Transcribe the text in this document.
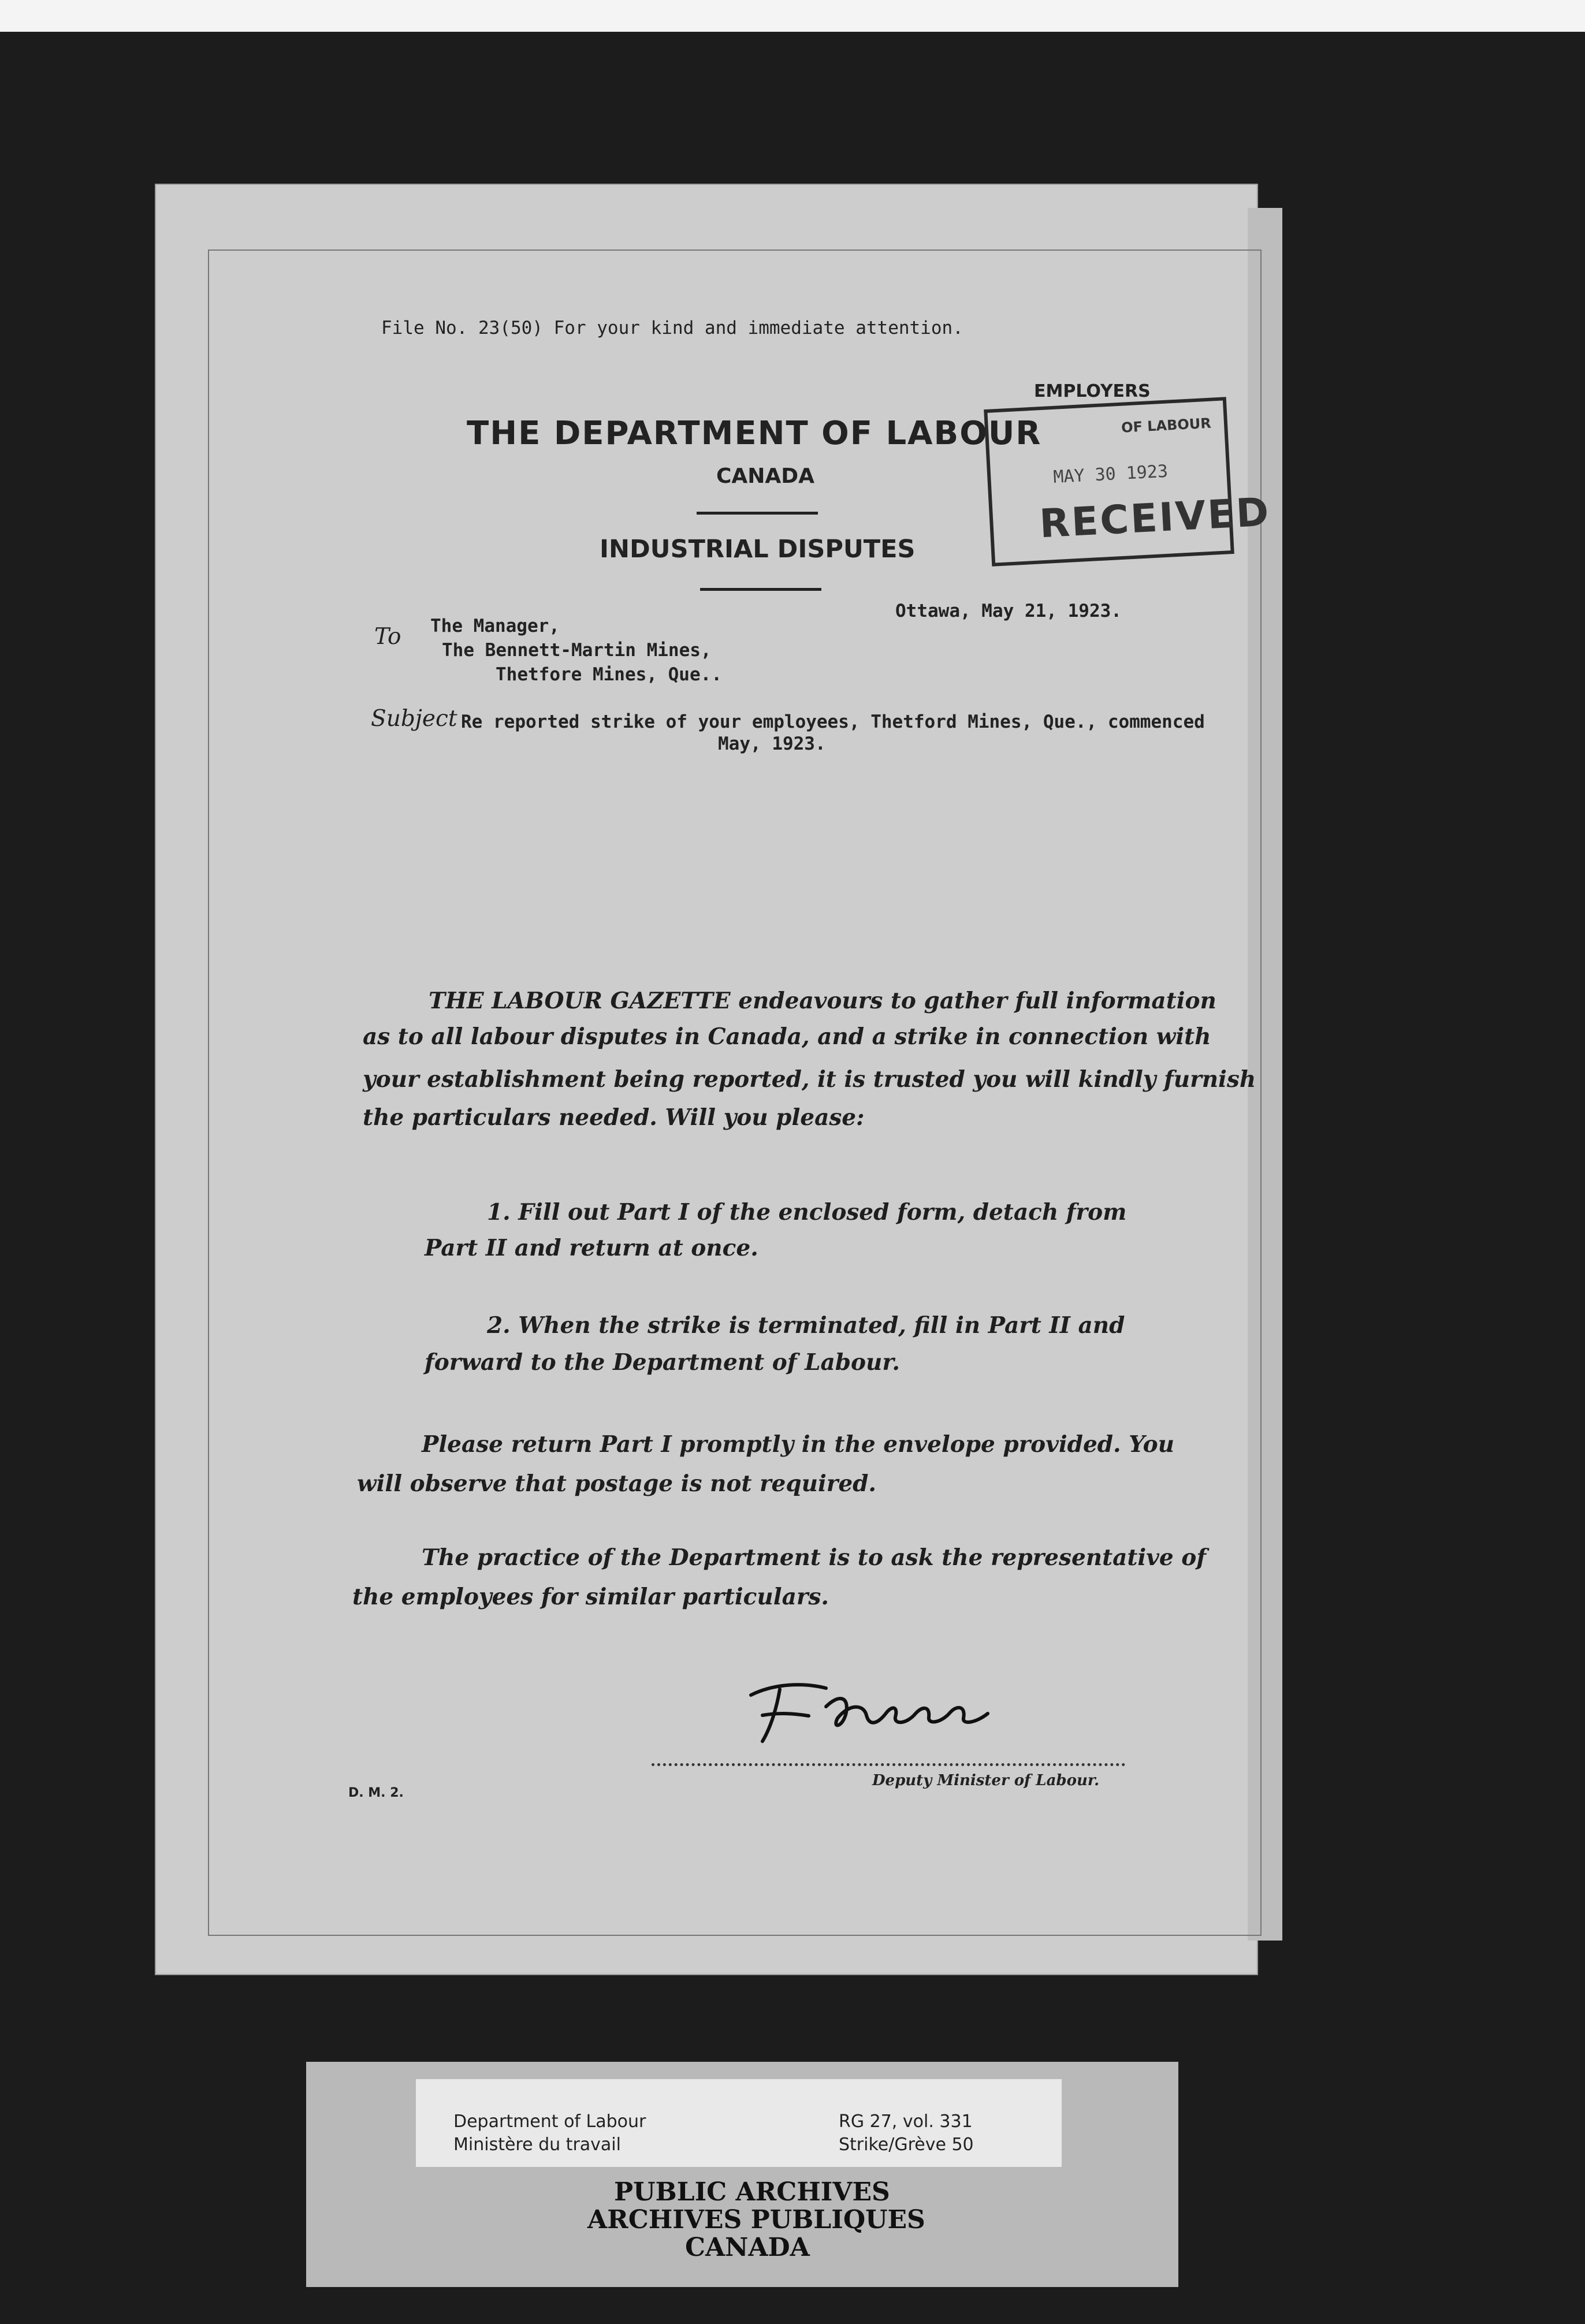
File No. 23(50) For your kind and immediate attention.
EMPLOYERS
THE DEPARTMENT OF LABOUR
CANADA
INDUSTRIAL DISPUTES
Ottawa, May 21, 1923.
To The Manager,
The Bennett-Martin Mines,
Thetfore Mines, Que..
Subject Re reported strike of your employees, Thetford Mines, Que., commenced
May, 1923.
THE LABOUR GAZETTE endeavours to gather full information
as to all labour disputes in Canada, and a strike in connection with
your establishment being reported, it is trusted you will kindly furnish
the particulars needed. Will you please:
1. Fill out Part I of the enclosed form, detach from
Part II and return at once.
2. When the strike is terminated, fill in Part II and
forward to the Department of Labour.
Please return Part I promptly in the envelope provided. You
will observe that postage is not required.
The practice of the Department is to ask the representative of
the employees for similar particulars.
Deputy Minister of Labour.
D. M. 2.
OF LABOUR
MAY 30 1923
RECEIVED
Department of Labour
Ministère du travail
RG 27, vol. 331
Strike/Grève 50
PUBLIC ARCHIVES
ARCHIVES PUBLIQUES
CANADA
